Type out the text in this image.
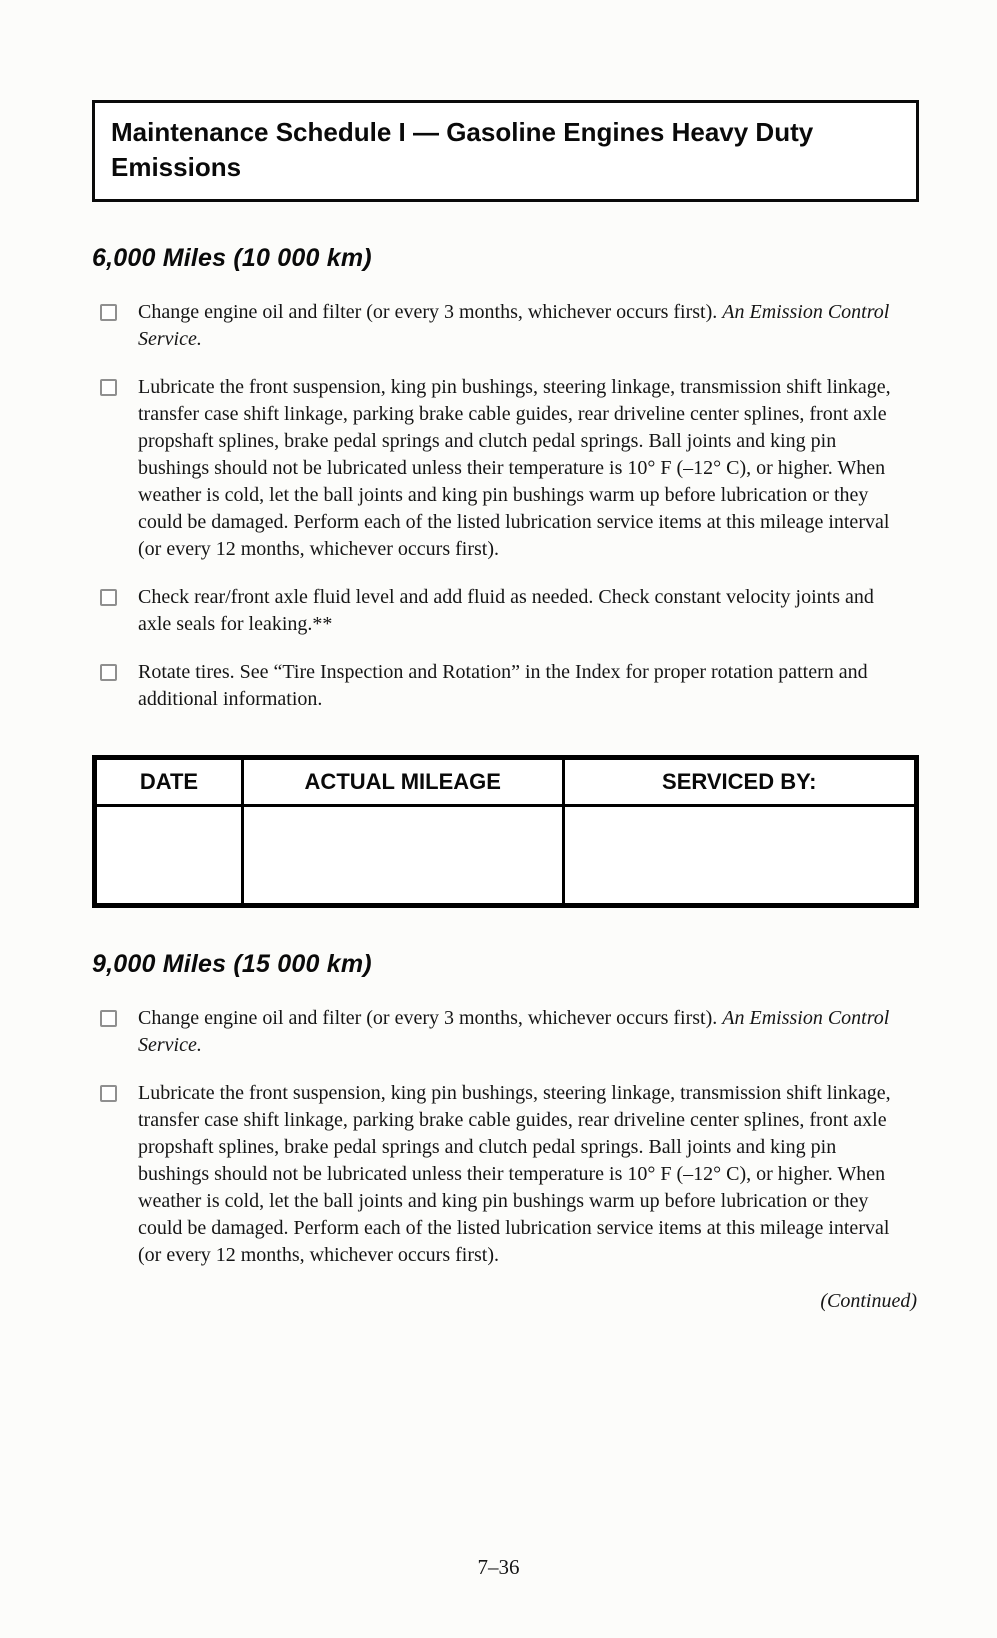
Maintenance Schedule I — Gasoline Engines Heavy Duty Emissions
6,000 Miles (10 000 km)
Change engine oil and filter (or every 3 months, whichever occurs first). An Emission Control Service.
Lubricate the front suspension, king pin bushings, steering linkage, transmission shift linkage, transfer case shift linkage, parking brake cable guides, rear driveline center splines, front axle propshaft splines, brake pedal springs and clutch pedal springs. Ball joints and king pin bushings should not be lubricated unless their temperature is 10° F (–12° C), or higher. When weather is cold, let the ball joints and king pin bushings warm up before lubrication or they could be damaged. Perform each of the listed lubrication service items at this mileage interval (or every 12 months, whichever occurs first).
Check rear/front axle fluid level and add fluid as needed. Check constant velocity joints and axle seals for leaking.**
Rotate tires. See “Tire Inspection and Rotation” in the Index for proper rotation pattern and additional information.
DATE	ACTUAL MILEAGE	SERVICED BY:

9,000 Miles (15 000 km)
Change engine oil and filter (or every 3 months, whichever occurs first). An Emission Control Service.
Lubricate the front suspension, king pin bushings, steering linkage, transmission shift linkage, transfer case shift linkage, parking brake cable guides, rear driveline center splines, front axle propshaft splines, brake pedal springs and clutch pedal springs. Ball joints and king pin bushings should not be lubricated unless their temperature is 10° F (–12° C), or higher. When weather is cold, let the ball joints and king pin bushings warm up before lubrication or they could be damaged. Perform each of the listed lubrication service items at this mileage interval (or every 12 months, whichever occurs first).
(Continued)
7–36
